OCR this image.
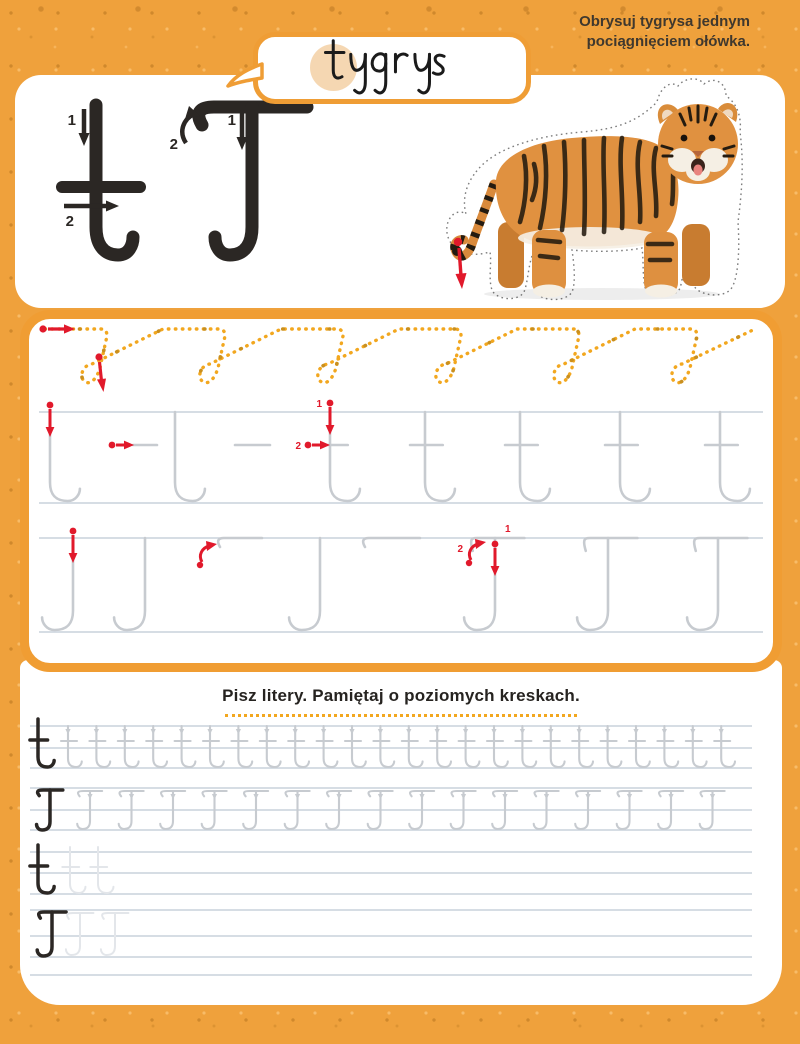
Obrysuj tygrysa jednym pociągnięciem ołówka.
1
2
2
1
Pisz litery. Pamiętaj o poziomych kreskach.
1
2
2
1
